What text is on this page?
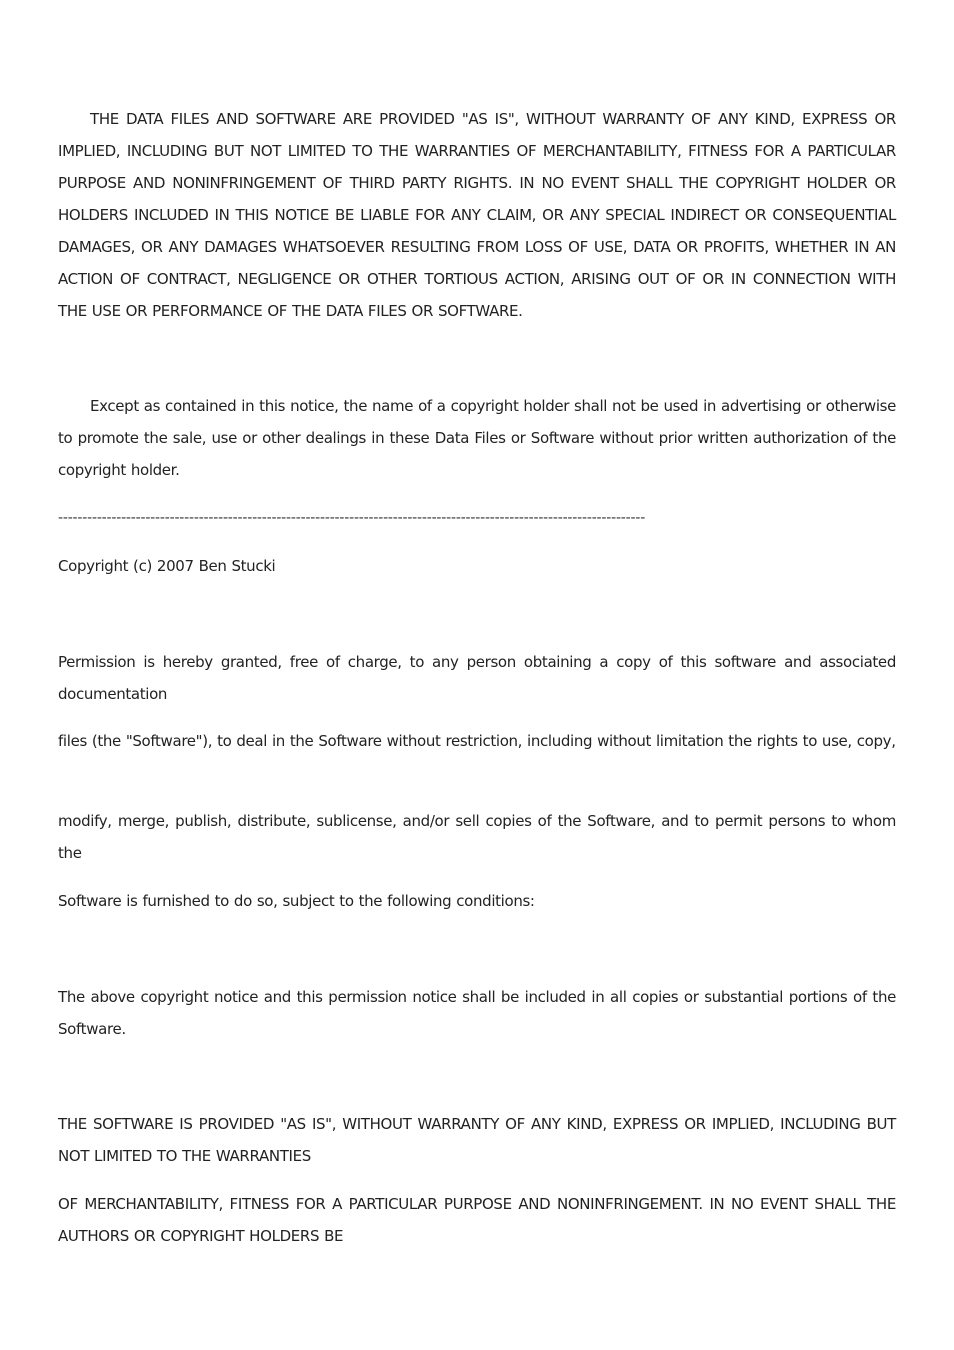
THE DATA FILES AND SOFTWARE ARE PROVIDED "AS IS", WITHOUT WARRANTY OF ANY KIND, EXPRESS OR IMPLIED, INCLUDING BUT NOT LIMITED TO THE WARRANTIES OF MERCHANTABILITY, FITNESS FOR A PARTICULAR PURPOSE AND NONINFRINGEMENT OF THIRD PARTY RIGHTS. IN NO EVENT SHALL THE COPYRIGHT HOLDER OR HOLDERS INCLUDED IN THIS NOTICE BE LIABLE FOR ANY CLAIM, OR ANY SPECIAL INDIRECT OR CONSEQUENTIAL DAMAGES, OR ANY DAMAGES WHATSOEVER RESULTING FROM LOSS OF USE, DATA OR PROFITS, WHETHER IN AN ACTION OF CONTRACT, NEGLIGENCE OR OTHER TORTIOUS ACTION, ARISING OUT OF OR IN CONNECTION WITH THE USE OR PERFORMANCE OF THE DATA FILES OR SOFTWARE.

Except as contained in this notice, the name of a copyright holder shall not be used in advertising or otherwise to promote the sale, use or other dealings in these Data Files or Software without prior written authorization of the copyright holder.

-------------------------------------------------------------------------------------------------------------------------

Copyright (c) 2007 Ben Stucki

Permission is hereby granted, free of charge, to any person obtaining a copy of this software and associated documentation

files (the "Software"), to deal in the Software without restriction, including without limitation the rights to use, copy,

modify, merge, publish, distribute, sublicense, and/or sell copies of the Software, and to permit persons to whom the

Software is furnished to do so, subject to the following conditions:

The above copyright notice and this permission notice shall be included in all copies or substantial portions of the Software.

THE SOFTWARE IS PROVIDED "AS IS", WITHOUT WARRANTY OF ANY KIND, EXPRESS OR IMPLIED, INCLUDING BUT NOT LIMITED TO THE WARRANTIES

OF MERCHANTABILITY, FITNESS FOR A PARTICULAR PURPOSE AND NONINFRINGEMENT. IN NO EVENT SHALL THE AUTHORS OR COPYRIGHT HOLDERS BE
